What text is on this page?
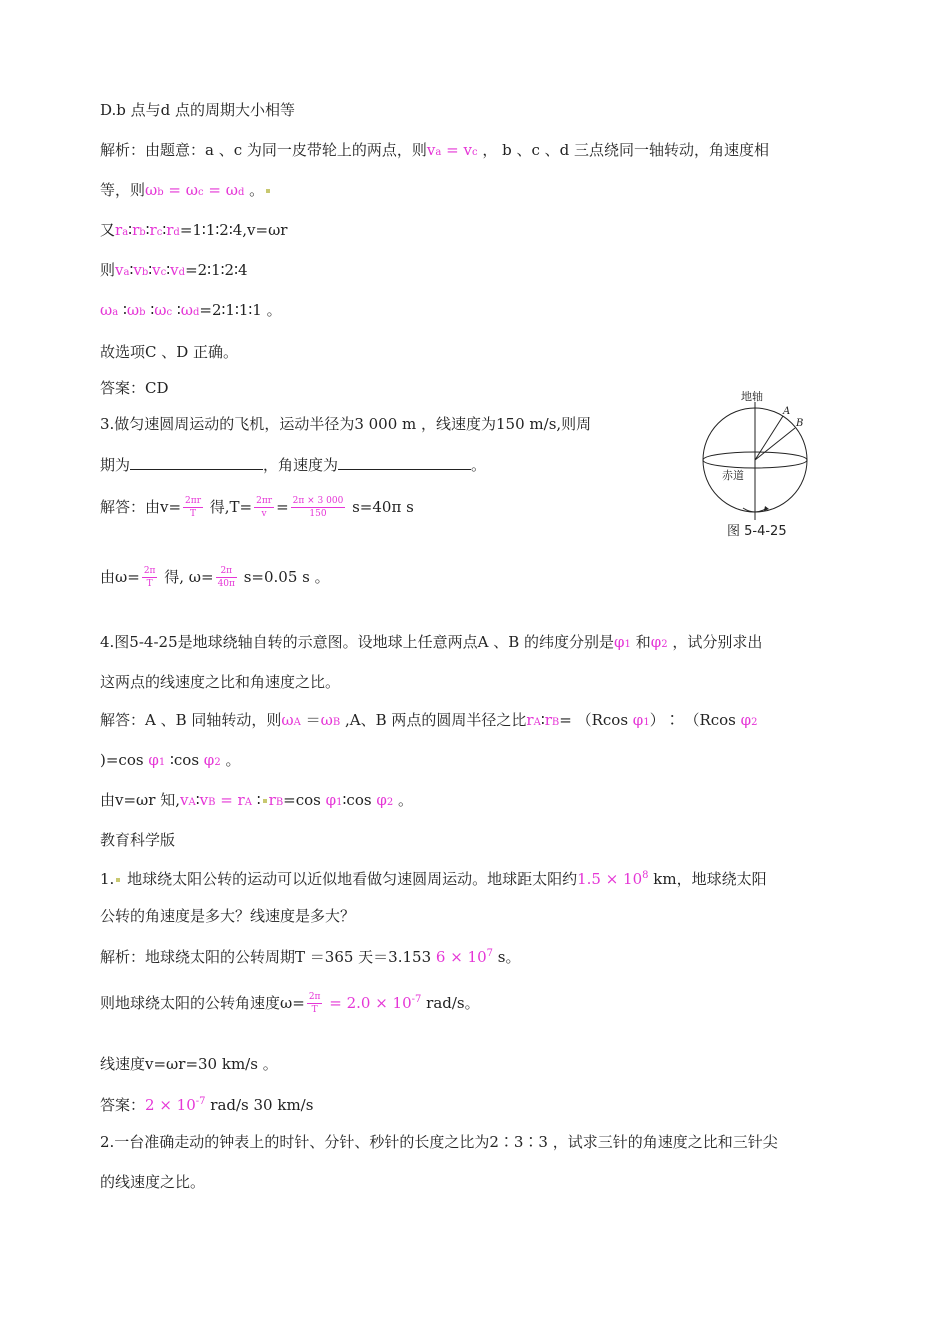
D.b 点与d 点的周期大小相等
解析：由题意：a 、c 为同一皮带轮上的两点，则va = vc ， b 、c 、d 三点绕同一轴转动，角速度相
等，则ωb = ωc = ωd 。
又ra∶rb∶rc∶rd=1∶1∶2∶4,v=ωr
则va∶vb∶vc∶vd=2∶1∶2∶4
ωa ∶ωb ∶ωc ∶ωd=2∶1∶1∶1 。
故选项C 、D 正确。
答案：CD
3.做匀速圆周运动的飞机，运动半径为3 000 m ，线速度为150 m/s,则周
期为	，角速度为	。
解答：由$v= \frac{2\pi r}{T}$ 得$,T= \frac{2\pi r}{v} = \frac{2\pi \times 3 000}{150} s=40\pi$ s
由$\omega= \frac{2\pi}{T}$ 得, $\omega= \frac{2\pi}{40\pi} s=0.05$ s 。
地轴
A
B
赤道
图 5-4-25
4.图5-4-25是地球绕轴自转的示意图。设地球上任意两点A 、B 的纬度分别是φ1 和φ2 ，试分别求出
这两点的线速度之比和角速度之比。
解答：A 、B 同轴转动，则ωA ＝ωB ,A、B 两点的圆周半径之比rA∶rB= （Rcos φ1）∶ （Rcos φ2
)=cos φ1 ∶cos φ2 。
由v=ωr 知,vA∶vB = rA ∶ rB=cos φ1∶cos φ2 。
教育科学版
1. 地球绕太阳公转的运动可以近似地看做匀速圆周运动。地球距太阳约$1.5 \times 10^8$ km，地球绕太阳
公转的角速度是多大？线速度是多大？
解析：地球绕太阳的公转周期T ＝365 天＝3.153 $6 \times 10^7$ s。
则地球绕太阳的公转角速度$\omega= \frac{2\pi}{T} = 2.0 \times 10^{-7}$ rad/s。
线速度v=ωr=30 km/s 。
答案：$2 \times 10^{-7}$ rad/s 30 km/s
2.一台准确走动的钟表上的时针、分针、秒针的长度之比为2∶3∶3 ，试求三针的角速度之比和三针尖
的线速度之比。
